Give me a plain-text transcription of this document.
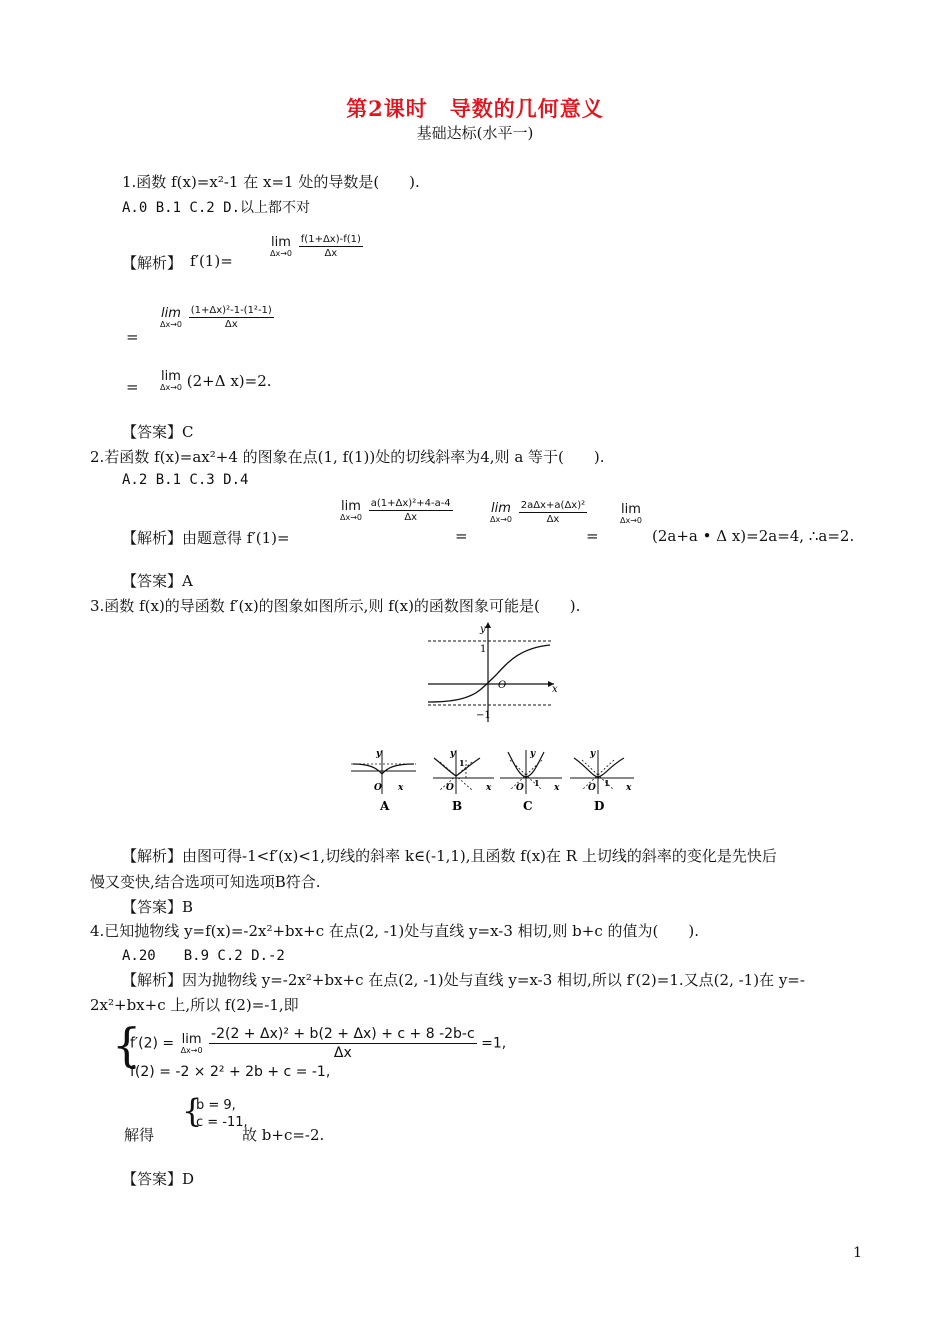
第2课时　导数的几何意义
基础达标(水平一)
1.函数 f(x)=x²-1 在 x=1 处的导数是(　　).
A.0 B.1 C.2 D.以上都不对
【解析】 f′(1)=
lim
Δx→0
$\frac{f(1+\Delta x)-f(1)}{\Delta x}$
=
lim
Δx→0
$\frac{\text{(1+Δx)²-1-(1²-1)}}{\Delta x}$
=
lim
Δx→0 (2+Δ x)=2.
【答案】C
2.若函数 f(x)=ax²+4 的图象在点(1, f(1))处的切线斜率为4,则 a 等于(　　).
A.2 B.1 C.3 D.4
【解析】由题意得 f′(1)=
lim
Δx→0
$\frac{\text{a(1+Δx)²+4-a-4}}{\Delta x}$
=
lim
Δx→0
$\frac{\text{2aΔx+a(Δx)²}}{\Delta x}$
=
lim
Δx→0
(2a+a • Δ x)=2a=4, ∴a=2.
【答案】A
3.函数 f(x)的导函数 f′(x)的图象如图所示,则 f(x)的函数图象可能是(　　).
y
x
O
1
−1
O x
y
A
O	x
y
1
B
O	x
y
1
C
O	x
y
1
D
【解析】由图可得-1<f′(x)<1,切线的斜率 k∈(-1,1),且函数 f(x)在 R 上切线的斜率的变化是先快后
慢又变快,结合选项可知选项B符合.
【答案】B
4.已知抛物线 y=f(x)=-2x²+bx+c 在点(2, -1)处与直线 y=x-3 相切,则 b+c 的值为(　　).
A.20　　B.9 C.2 D.-2
【解析】因为抛物线 y=-2x²+bx+c 在点(2, -1)处与直线 y=x-3 相切,所以 f′(2)=1.又点(2, -1)在 y=-
2x²+bx+c 上,所以 f(2)=-1,即
{
f′(2) = lim
Δx→0
$\frac{\text{-2(2 + Δx)² + b(2 + Δx) + c + 8 -2b-c}}{\Delta x} =1$,
f(2) = -2 × 2² + 2b + c = -1,
解得
{
b = 9,
c = -11,
故 b+c=-2.
【答案】D
1
